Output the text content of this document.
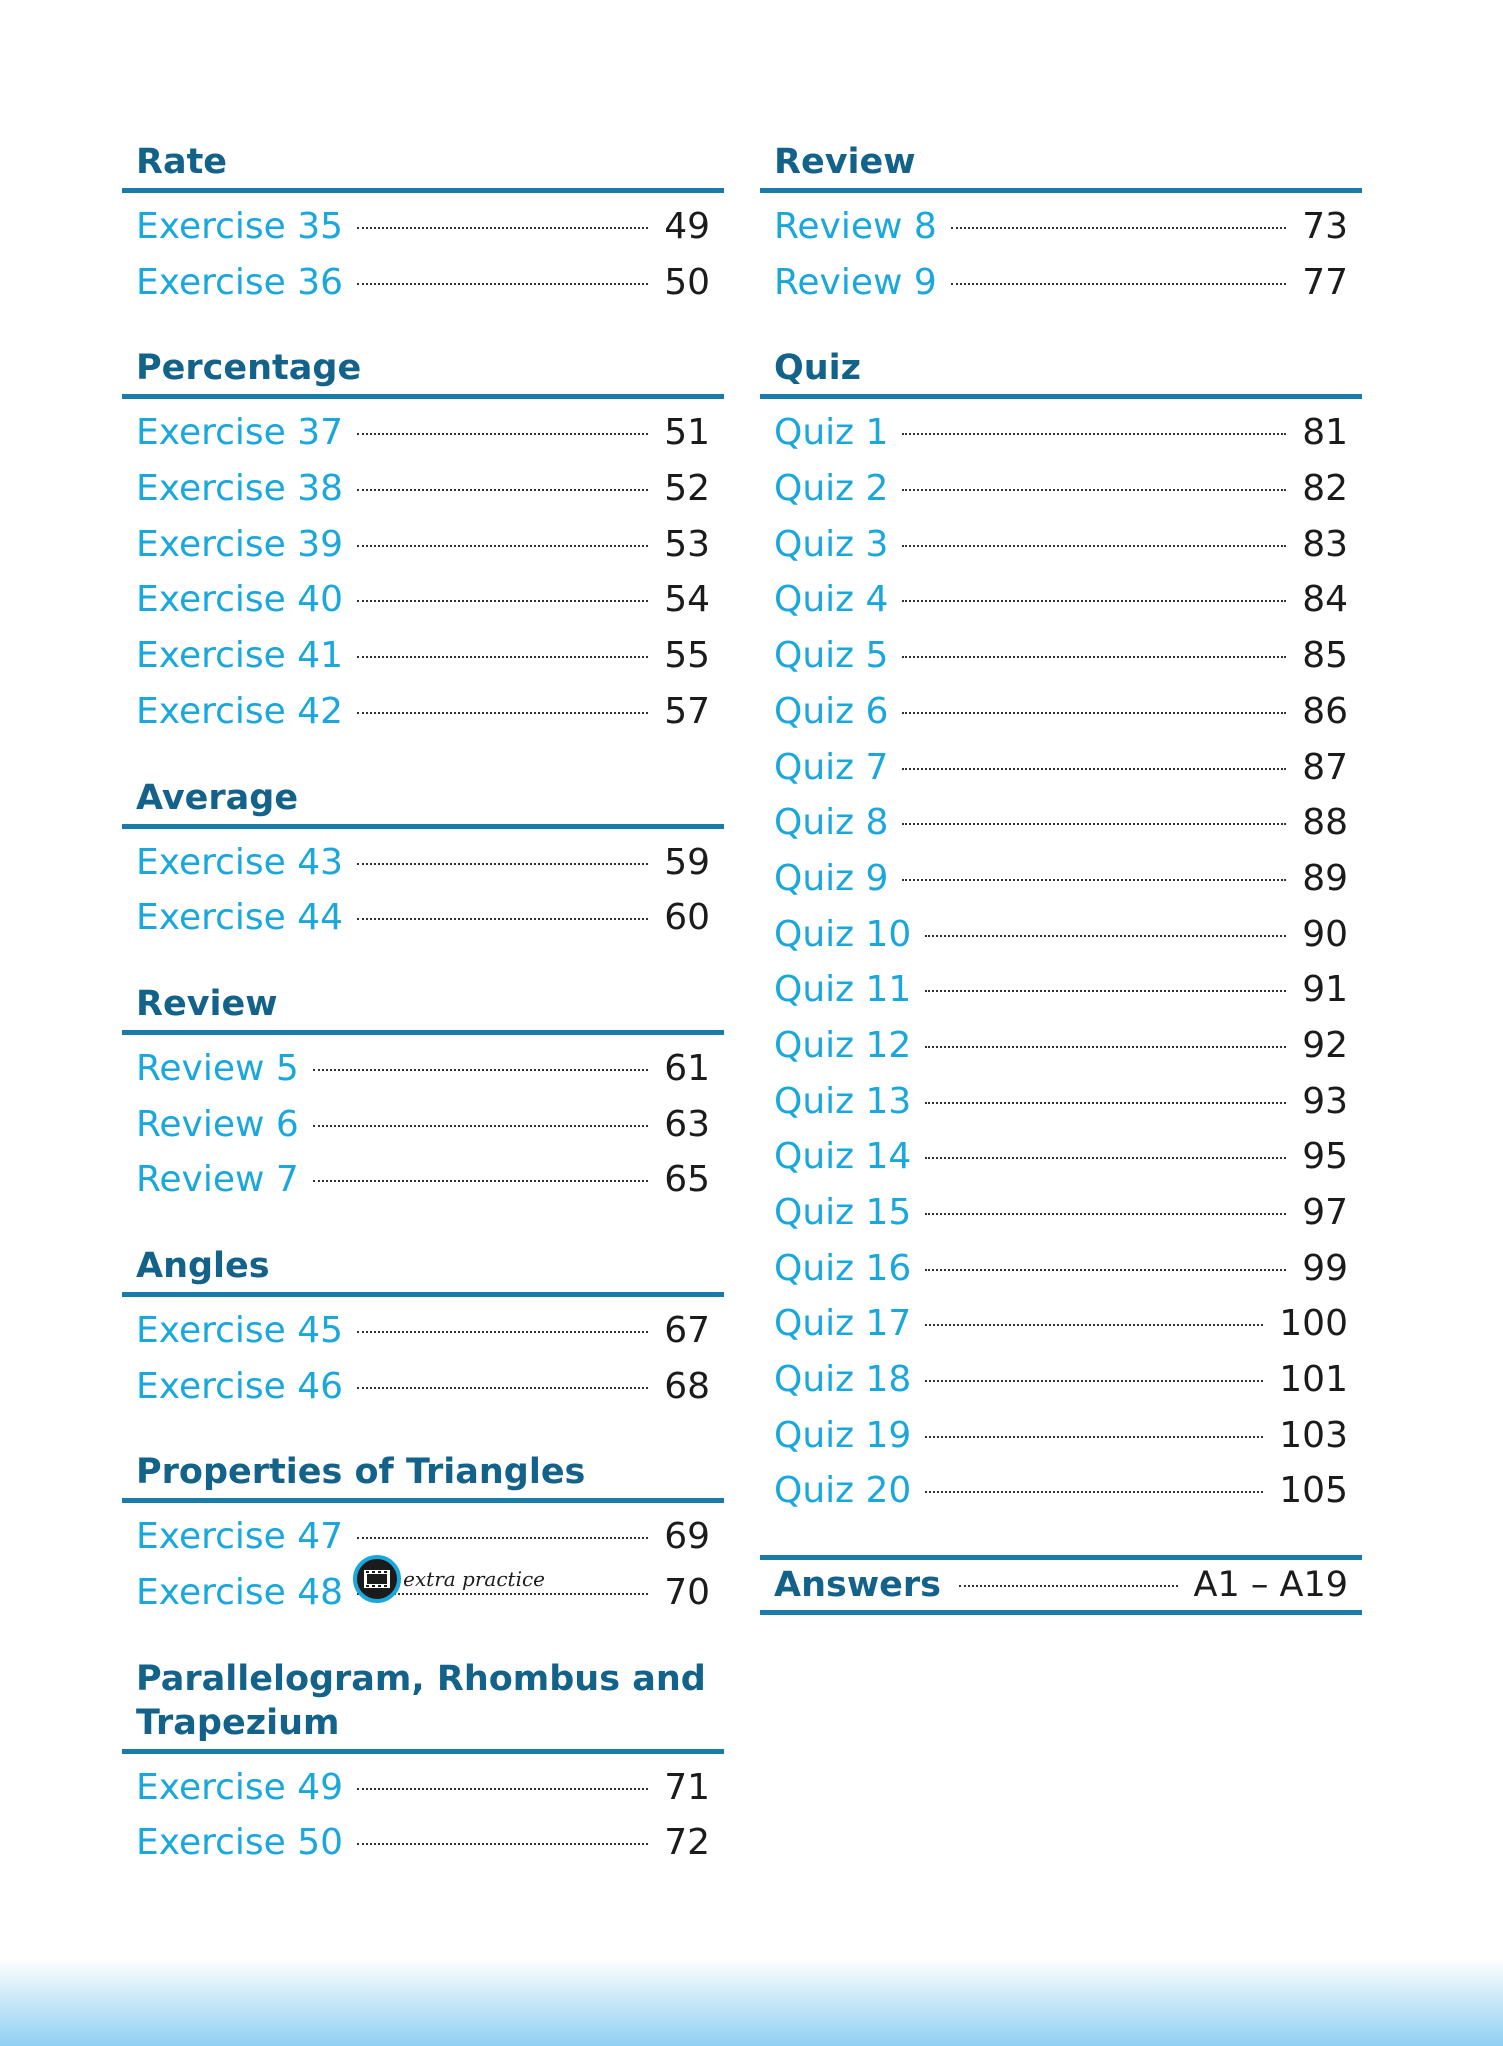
Rate
Exercise 35	49
Exercise 36	50
Percentage
Exercise 37	51
Exercise 38	52
Exercise 39	53
Exercise 40	54
Exercise 41	55
Exercise 42	57
Average
Exercise 43	59
Exercise 44	60
Review
Review 5	61
Review 6	63
Review 7	65
Angles
Exercise 45	67
Exercise 46	68
Properties of Triangles
Exercise 47	69
Exercise 48	extra practice	70
Parallelogram, Rhombus and Trapezium
Exercise 49	71
Exercise 50	72
Review
Review 8	73
Review 9	77
Quiz
Quiz 1	81
Quiz 2	82
Quiz 3	83
Quiz 4	84
Quiz 5	85
Quiz 6	86
Quiz 7	87
Quiz 8	88
Quiz 9	89
Quiz 10	90
Quiz 11	91
Quiz 12	92
Quiz 13	93
Quiz 14	95
Quiz 15	97
Quiz 16	99
Quiz 17	100
Quiz 18	101
Quiz 19	103
Quiz 20	105
Answers	A1 – A19
